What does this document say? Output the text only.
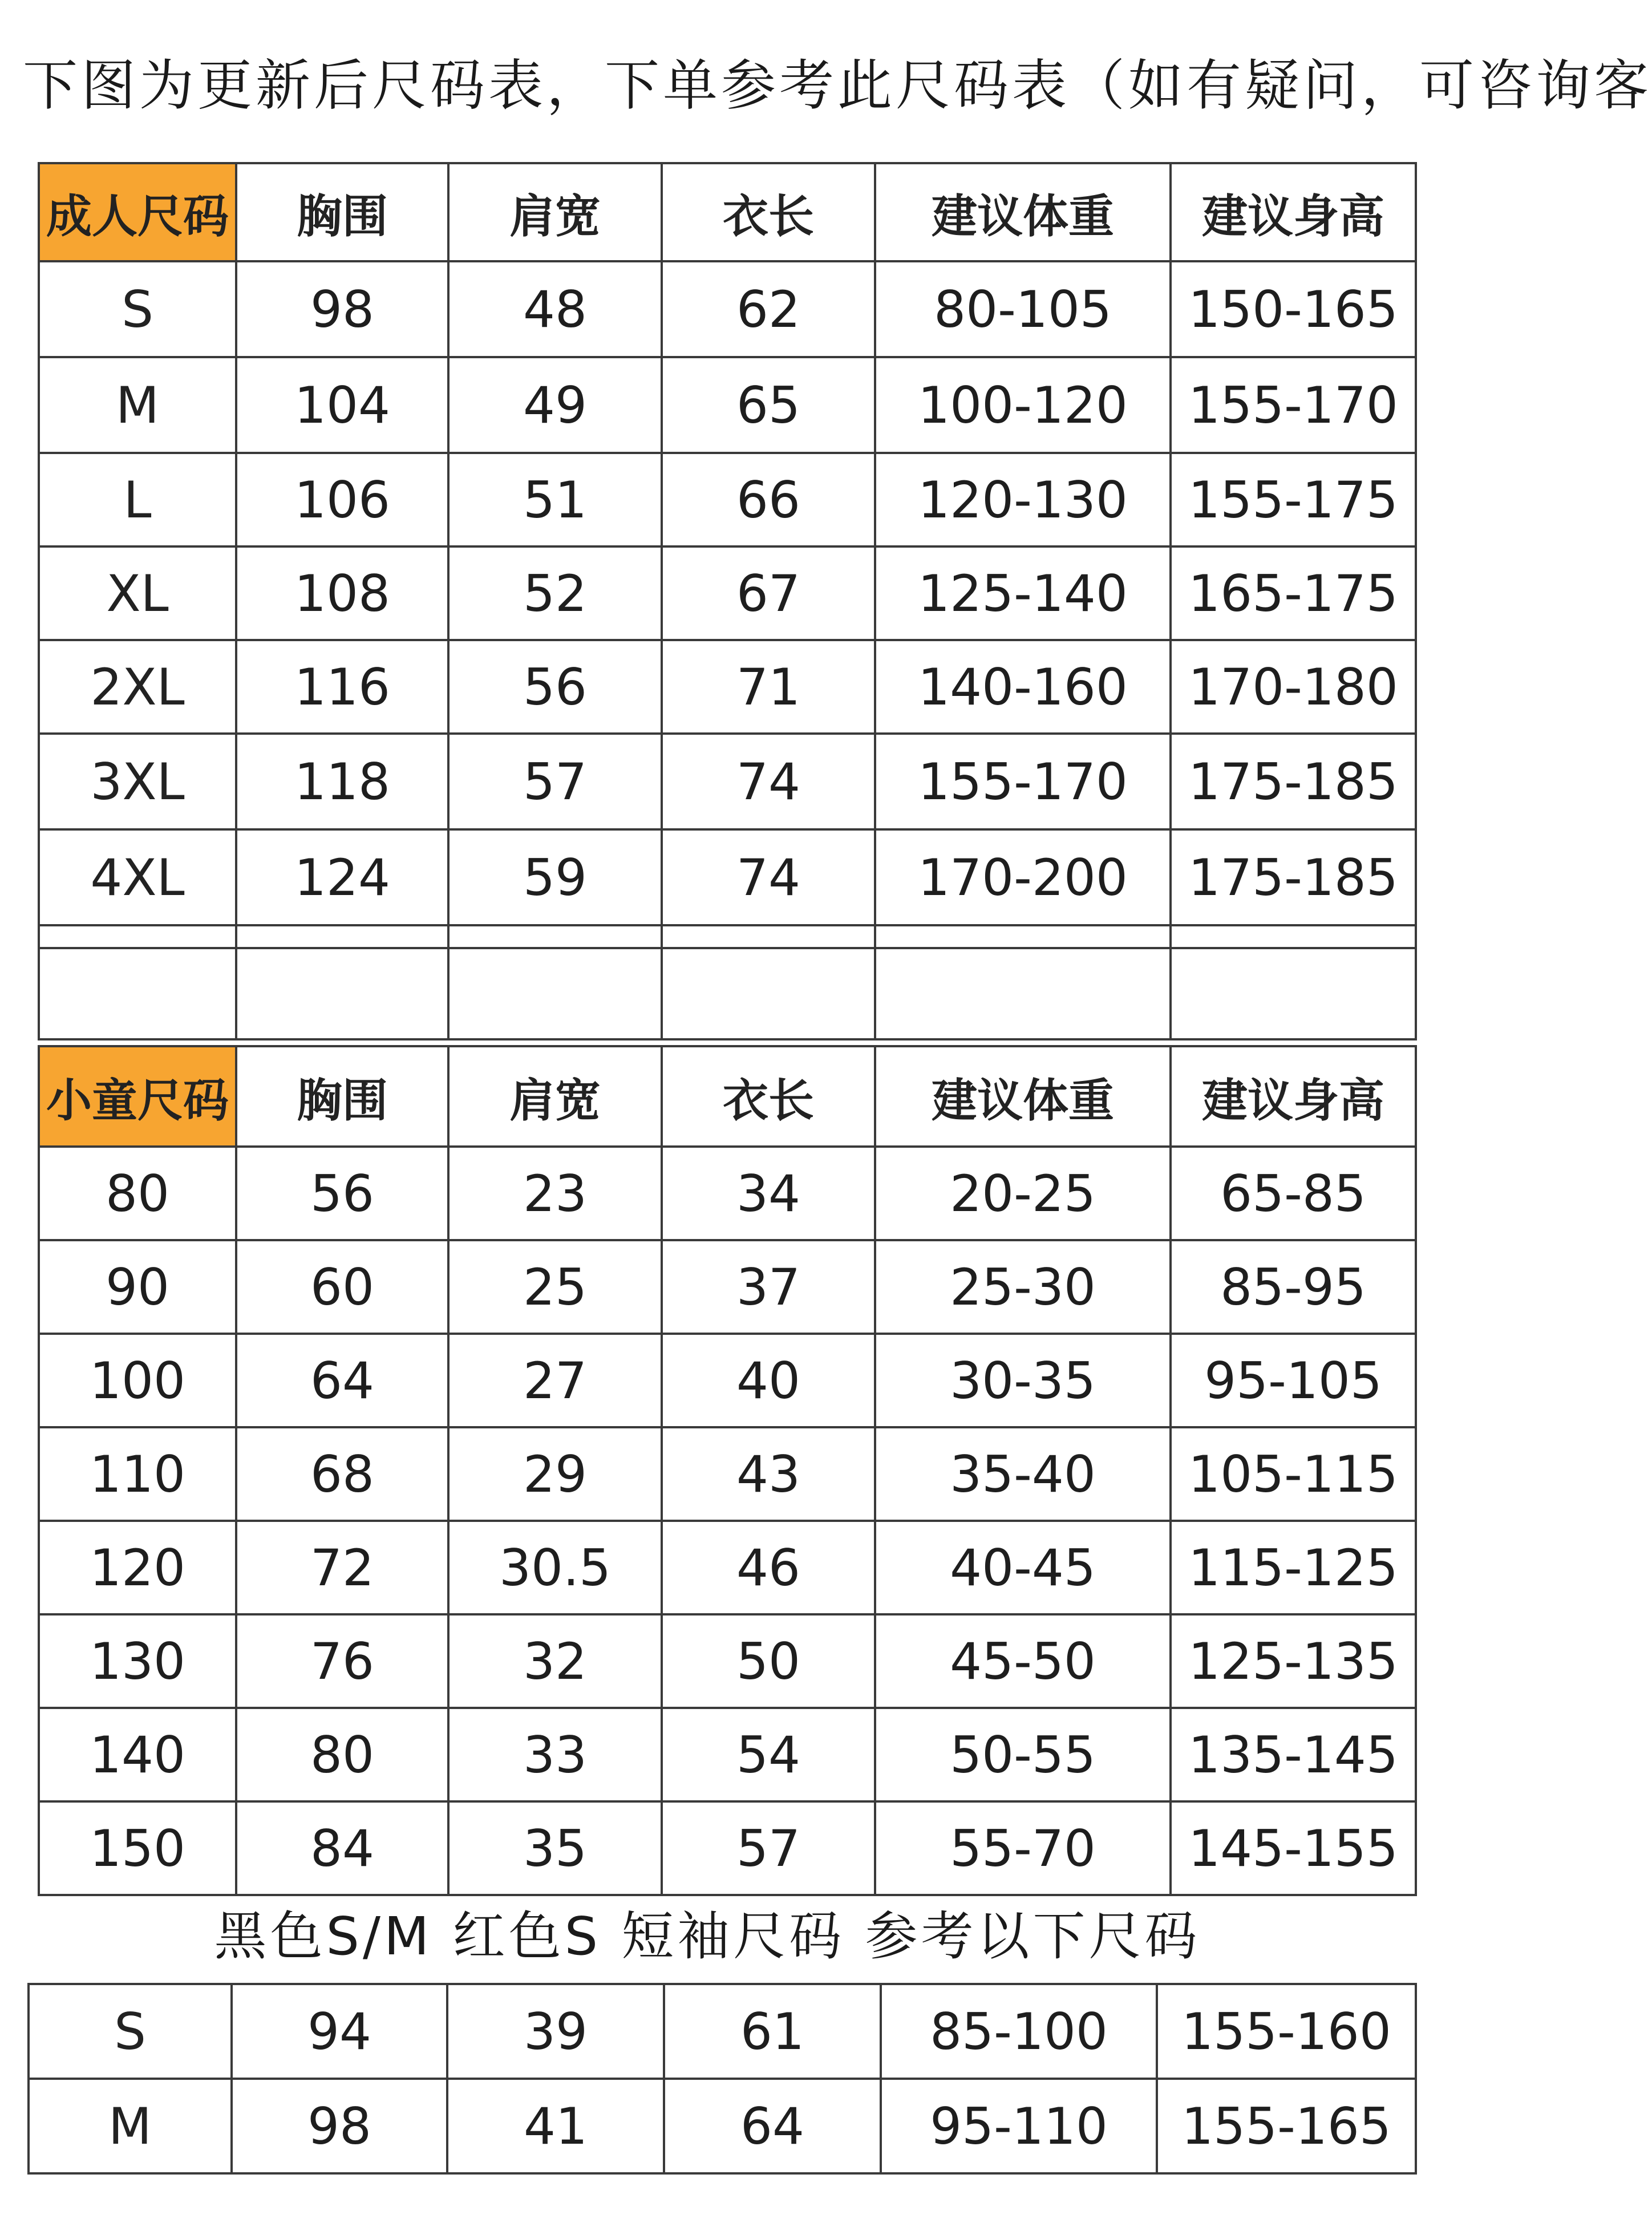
下图为更新后尺码表，下单参考此尺码表（如有疑问，可咨询客
成人尺码	胸围	肩宽	衣长	建议体重	建议身高
S	98	48	62	80-105	150-165
M	104	49	65	100-120	155-170
L	106	51	66	120-130	155-175
XL	108	52	67	125-140	165-175
2XL	116	56	71	140-160	170-180
3XL	118	57	74	155-170	175-185
4XL	124	59	74	170-200	175-185

小童尺码	胸围	肩宽	衣长	建议体重	建议身高
80	56	23	34	20-25	65-85
90	60	25	37	25-30	85-95
100	64	27	40	30-35	95-105
110	68	29	43	35-40	105-115
120	72	30.5	46	40-45	115-125
130	76	32	50	45-50	125-135
140	80	33	54	50-55	135-145
150	84	35	57	55-70	145-155
黑色S/M 红色S 短袖尺码 参考以下尺码
S	94	39	61	85-100	155-160
M	98	41	64	95-110	155-165
